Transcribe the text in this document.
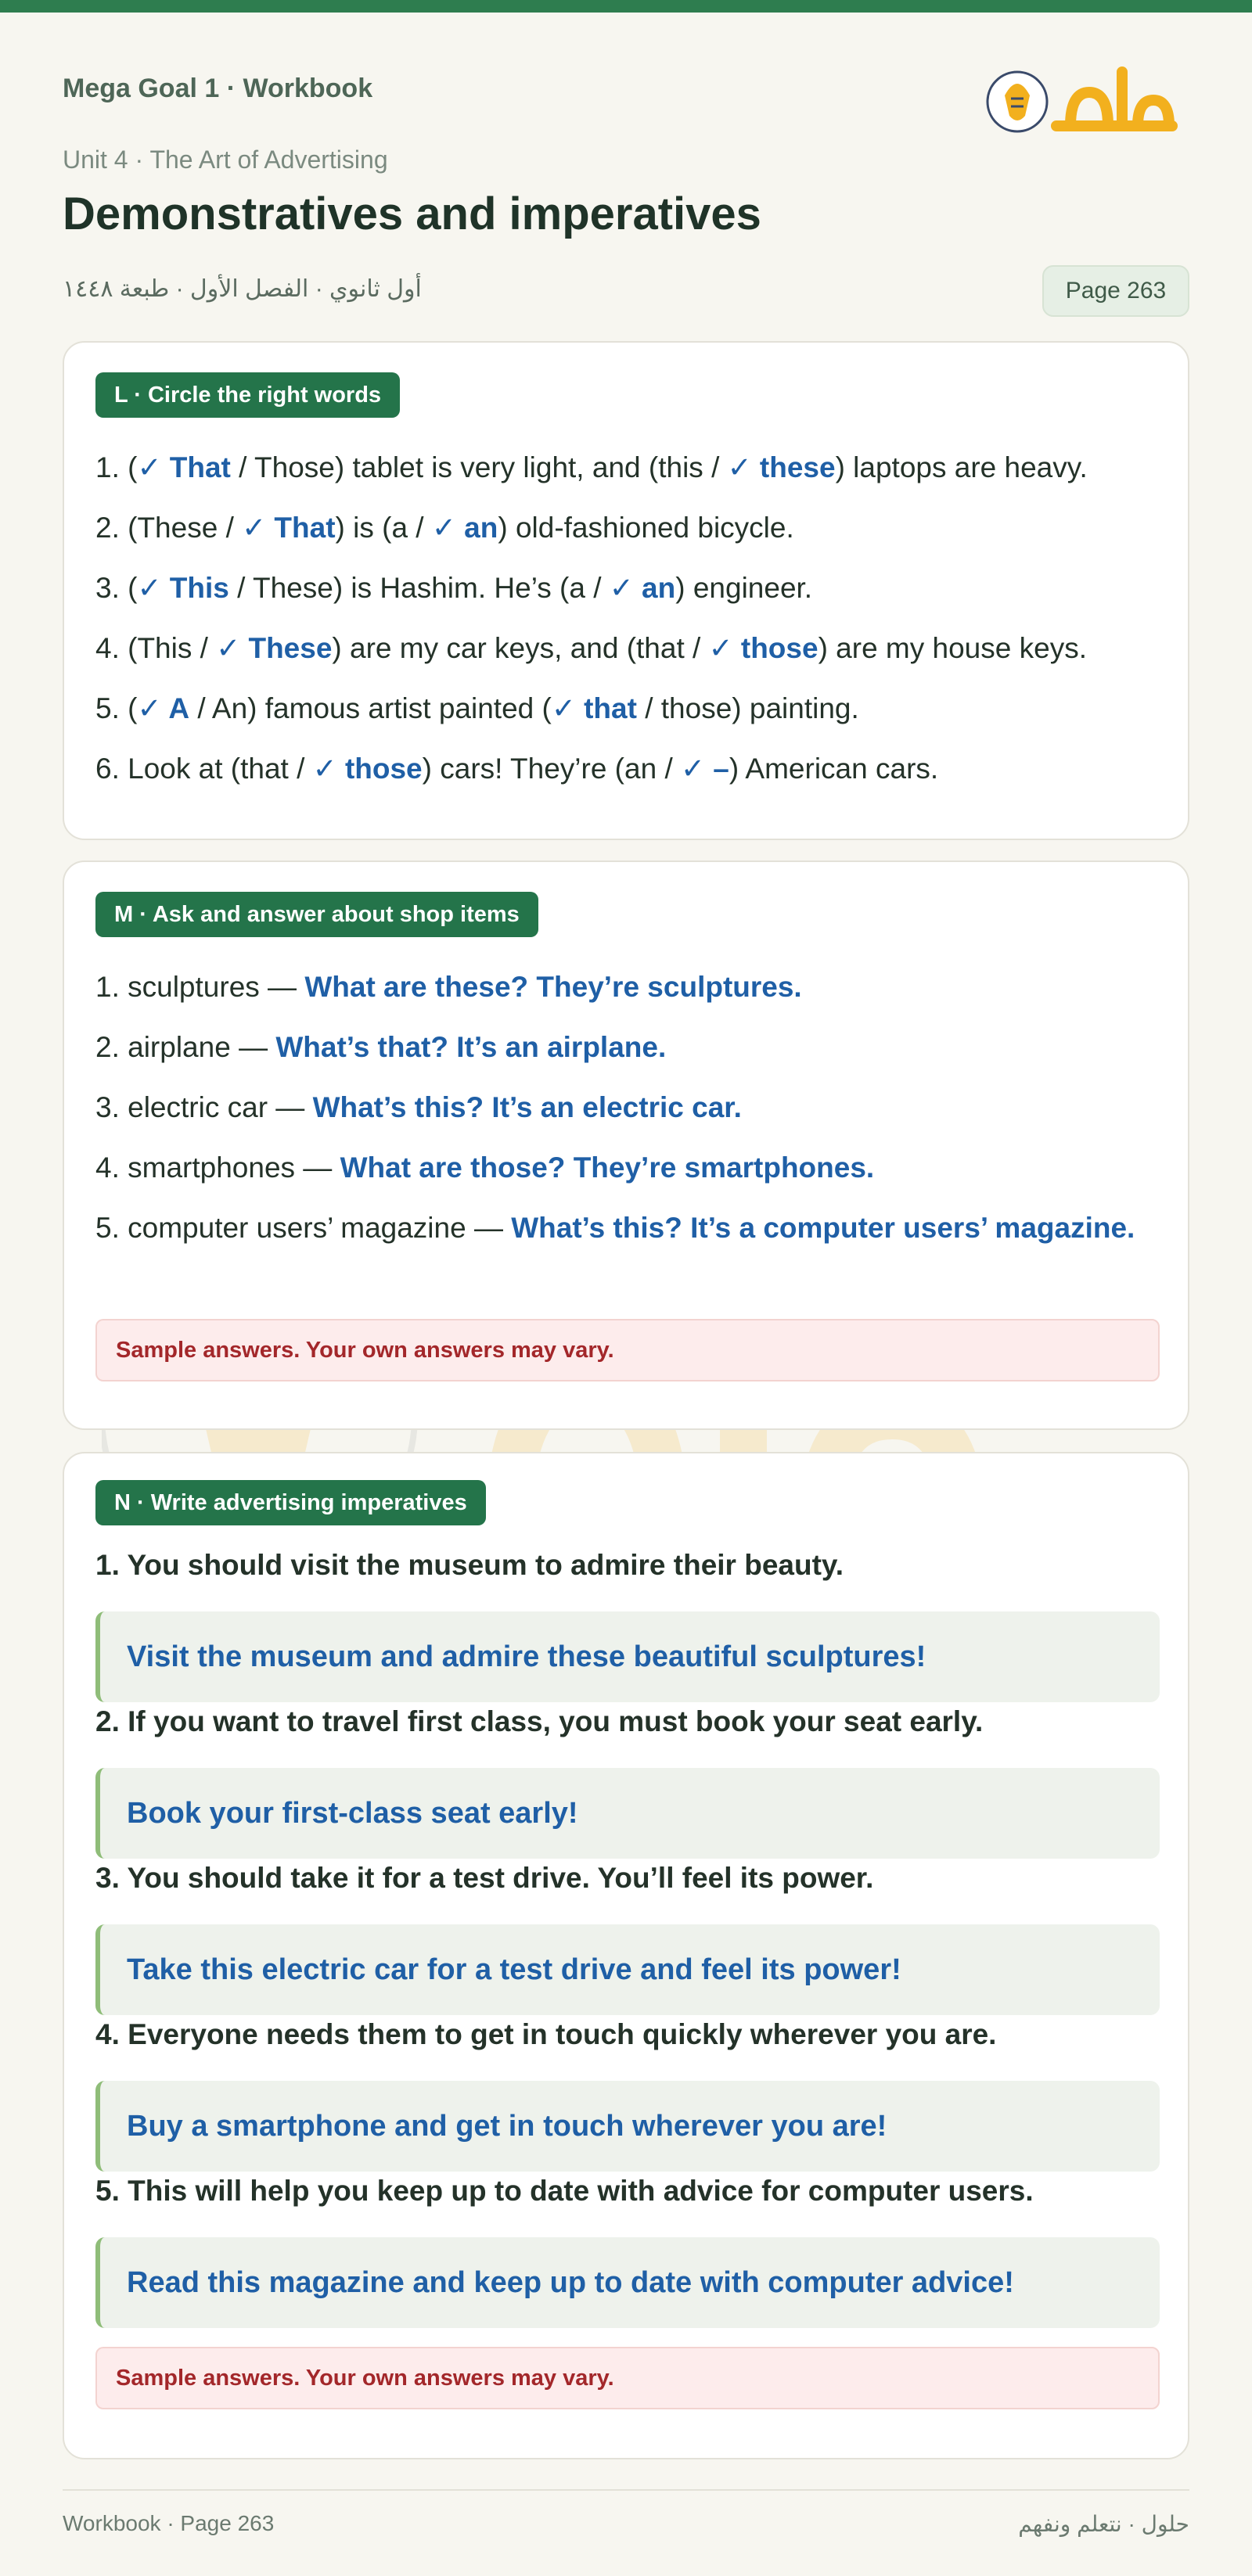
Mega Goal 1 · Workbook
Unit 4 · The Art of Advertising
Demonstratives and imperatives
أول ثانوي · الفصل الأول · طبعة ١٤٤٨	Page 263
L · Circle the right words
1. (✓ That / Those) tablet is very light, and (this / ✓ these) laptops are heavy.
2. (These / ✓ That) is (a / ✓ an) old-fashioned bicycle.
3. (✓ This / These) is Hashim. He’s (a / ✓ an) engineer.
4. (This / ✓ These) are my car keys, and (that / ✓ those) are my house keys.
5. (✓ A / An) famous artist painted (✓ that / those) painting.
6. Look at (that / ✓ those) cars! They’re (an / ✓ –) American cars.
M · Ask and answer about shop items
1. sculptures — What are these? They’re sculptures.
2. airplane — What’s that? It’s an airplane.
3. electric car — What’s this? It’s an electric car.
4. smartphones — What are those? They’re smartphones.
5. computer users’ magazine — What’s this? It’s a computer users’ magazine.
Sample answers. Your own answers may vary.
N · Write advertising imperatives
1. You should visit the museum to admire their beauty.
Visit the museum and admire these beautiful sculptures!
2. If you want to travel first class, you must book your seat early.
Book your first-class seat early!
3. You should take it for a test drive. You’ll feel its power.
Take this electric car for a test drive and feel its power!
4. Everyone needs them to get in touch quickly wherever you are.
Buy a smartphone and get in touch wherever you are!
5. This will help you keep up to date with advice for computer users.
Read this magazine and keep up to date with computer advice!
Sample answers. Your own answers may vary.
Workbook · Page 263	حلول · نتعلم ونفهم
